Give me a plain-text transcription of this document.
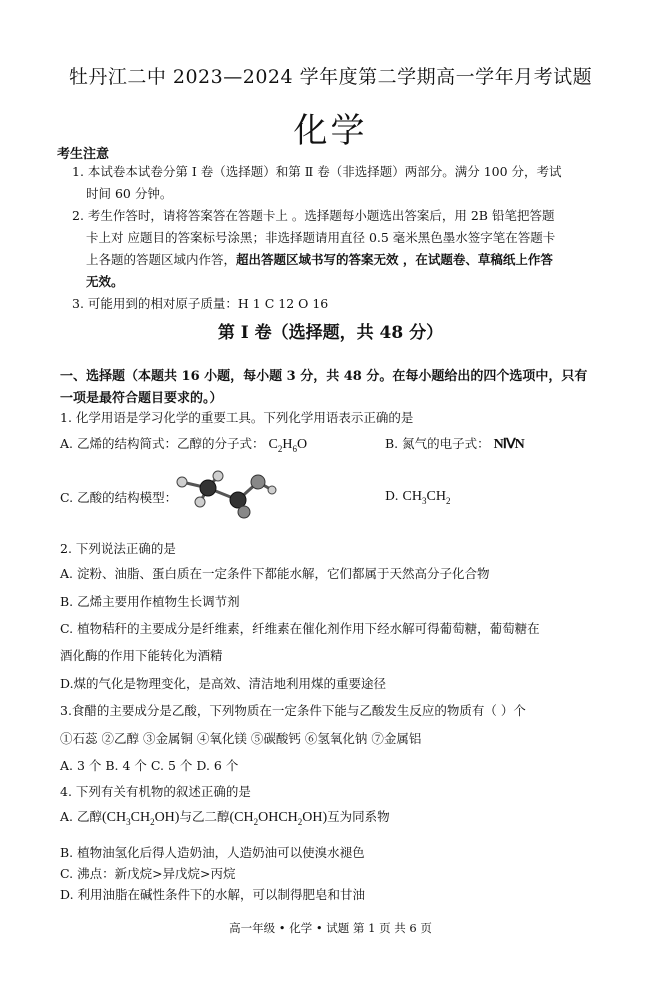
牡丹江二中 2023—2024 学年度第二学期高一学年月考试题
化学
考生注意
1. 本试卷本试卷分第 Ⅰ 卷（选择题）和第 Ⅱ 卷（非选择题）两部分。满分 100 分，考试
时间 60 分钟。
2. 考生作答时，请将答案答在答题卡上 。选择题每小题选出答案后，用 2B 铅笔把答题
卡上对 应题目的答案标号涂黑；非选择题请用直径 0.5 毫米黑色墨水签字笔在答题卡
上各题的答题区域内作答，超出答题区域书写的答案无效 ，在试题卷、草稿纸上作答
无效。
3. 可能用到的相对原子质量：H 1 C 12 O 16
第 Ⅰ 卷（选择题，共 48 分）
一、选择题（本题共 16 小题，每小题 3 分，共 48 分。在每小题给出的四个选项中，只有
一项是最符合题目要求的。）
1. 化学用语是学习化学的重要工具。下列化学用语表示正确的是
A. 乙烯的结构简式：乙醇的分子式： $C_2H_6O$	B. 氮气的电子式： NⅣN
C. 乙酸的结构模型：	D. $CH_3CH_2$
2. 下列说法正确的是
A. 淀粉、油脂、蛋白质在一定条件下都能水解，它们都属于天然高分子化合物
B. 乙烯主要用作植物生长调节剂
C. 植物秸秆的主要成分是纤维素，纤维素在催化剂作用下经水解可得葡萄糖，葡萄糖在
酒化酶的作用下能转化为酒精
D.煤的气化是物理变化，是高效、清洁地利用煤的重要途径
3.食醋的主要成分是乙酸，下列物质在一定条件下能与乙酸发生反应的物质有（ ）个
①石蕊 ②乙醇 ③金属铜 ④氧化镁 ⑤碳酸钙 ⑥氢氧化钠 ⑦金属铝
A. 3 个 B. 4 个 C. 5 个 D. 6 个
4. 下列有关有机物的叙述正确的是
A. 乙醇$(CH_3CH_2OH)$与乙二醇$(CH_2OHCH_2OH)$互为同系物
B. 植物油氢化后得人造奶油，人造奶油可以使溴水褪色
C. 沸点：新戊烷>异戊烷>丙烷
D. 利用油脂在碱性条件下的水解，可以制得肥皂和甘油
高一年级 • 化学 • 试题 第 1 页 共 6 页
